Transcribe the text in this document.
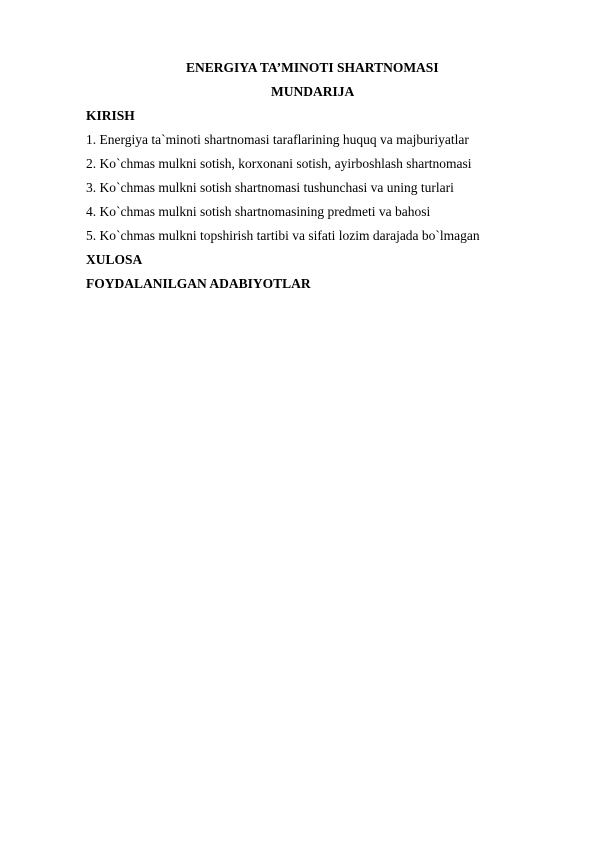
ENERGIYA TA’MINOTI SHARTNOMASI
MUNDARIJA
KIRISH
1. Energiya ta`minoti shartnomasi taraflarining huquq va majburiyatlar
2. Ko`chmas mulkni sotish, korxonani sotish, ayirboshlash shartnomasi
3. Ko`chmas mulkni sotish shartnomasi tushunchasi va uning turlari
4. Ko`chmas mulkni sotish shartnomasining predmeti va bahosi
5. Ko`chmas mulkni topshirish tartibi va sifati lozim darajada bo`lmagan
XULOSA
FOYDALANILGAN ADABIYOTLAR
